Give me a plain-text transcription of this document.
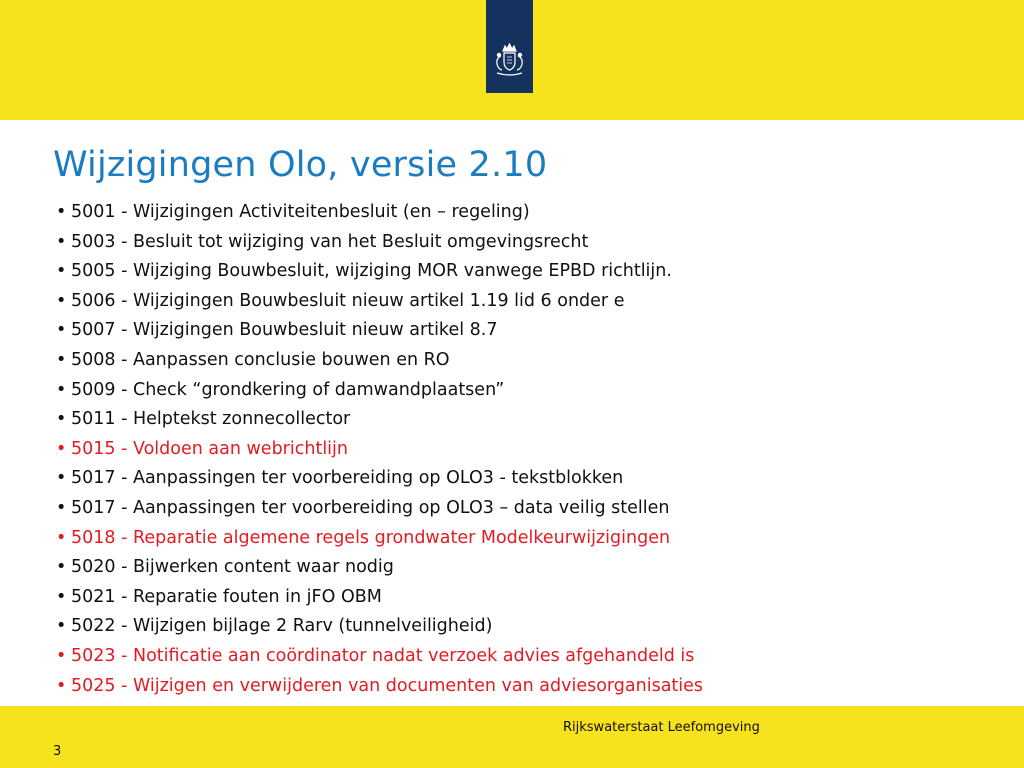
Wijzigingen Olo, versie 2.10
• 5001 - Wijzigingen Activiteitenbesluit (en – regeling)
• 5003 - Besluit tot wijziging van het Besluit omgevingsrecht
• 5005 - Wijziging Bouwbesluit, wijziging MOR vanwege EPBD richtlijn.
• 5006 - Wijzigingen Bouwbesluit nieuw artikel 1.19 lid 6 onder e
• 5007 - Wijzigingen Bouwbesluit nieuw artikel 8.7
• 5008 - Aanpassen conclusie bouwen en RO
• 5009 - Check “grondkering of damwandplaatsen”
• 5011 - Helptekst zonnecollector
• 5015 - Voldoen aan webrichtlijn
• 5017 - Aanpassingen ter voorbereiding op OLO3 - tekstblokken
• 5017 - Aanpassingen ter voorbereiding op OLO3 – data veilig stellen
• 5018 - Reparatie algemene regels grondwater Modelkeurwijzigingen
• 5020 - Bijwerken content waar nodig
• 5021 - Reparatie fouten in jFO OBM
• 5022 - Wijzigen bijlage 2 Rarv (tunnelveiligheid)
• 5023 - Notificatie aan coördinator nadat verzoek advies afgehandeld is
• 5025 - Wijzigen en verwijderen van documenten van adviesorganisaties
Rijkswaterstaat Leefomgeving
3
